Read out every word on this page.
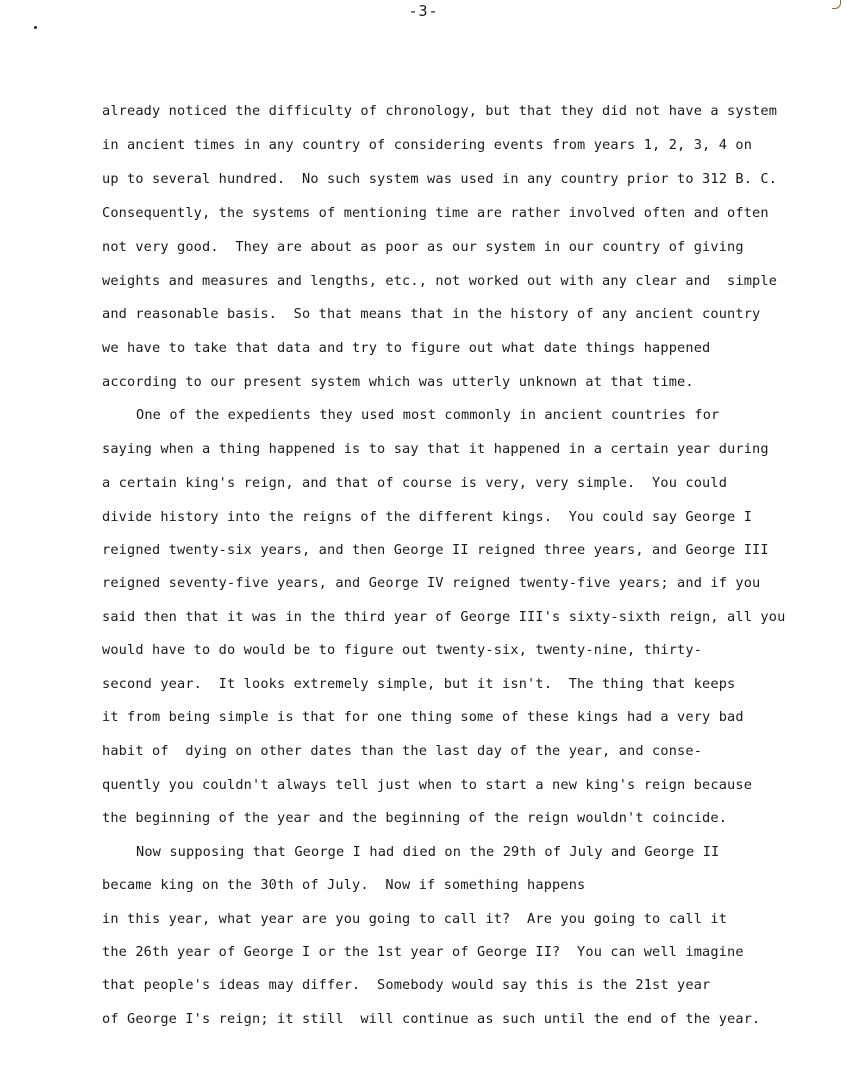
-3-
already noticed the difficulty of chronology, but that they did not have a system
in ancient times in any country of considering events from years 1, 2, 3, 4 on
up to several hundred.  No such system was used in any country prior to 312 B. C.
Consequently, the systems of mentioning time are rather involved often and often
not very good.  They are about as poor as our system in our country of giving
weights and measures and lengths, etc., not worked out with any clear and  simple
and reasonable basis.  So that means that in the history of any ancient country
we have to take that data and try to figure out what date things happened
according to our present system which was utterly unknown at that time.
One of the expedients they used most commonly in ancient countries for
saying when a thing happened is to say that it happened in a certain year during
a certain king's reign, and that of course is very, very simple.  You could
divide history into the reigns of the different kings.  You could say George I
reigned twenty-six years, and then George II reigned three years, and George III
reigned seventy-five years, and George IV reigned twenty-five years; and if you
said then that it was in the third year of George III's sixty-sixth reign, all you
would have to do would be to figure out twenty-six, twenty-nine, thirty-
second year.  It looks extremely simple, but it isn't.  The thing that keeps
it from being simple is that for one thing some of these kings had a very bad
habit of  dying on other dates than the last day of the year, and conse-
quently you couldn't always tell just when to start a new king's reign because
the beginning of the year and the beginning of the reign wouldn't coincide.
Now supposing that George I had died on the 29th of July and George II
became king on the 30th of July.  Now if something happens
in this year, what year are you going to call it?  Are you going to call it
the 26th year of George I or the 1st year of George II?  You can well imagine
that people's ideas may differ.  Somebody would say this is the 21st year
of George I's reign; it still  will continue as such until the end of the year.
